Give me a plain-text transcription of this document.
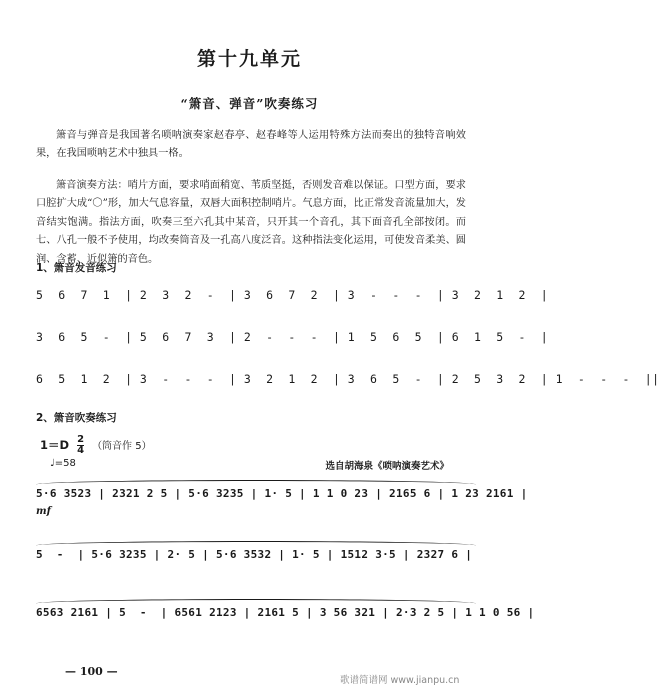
第十九单元
“箫音、弹音”吹奏练习

箫音与弹音是我国著名唢呐演奏家赵春亭、赵春峰等人运用特殊方法而奏出的独特音响效果，在我国唢呐艺术中独具一格。

箫音演奏方法：哨片方面，要求哨面稍宽、苇质坚挺，否则发音难以保证。口型方面，要求口腔扩大成“〇”形，加大气息容量，双唇大面积控制哨片。气息方面，比正常发音流量加大，发音结实饱满。指法方面，吹奏三至六孔其中某音，只开其一个音孔，其下面音孔全部按闭。而七、八孔一般不予使用，均改奏筒音及一孔高八度泛音。这种指法变化运用，可使发音柔美、圆润、含蓄、近似箫的音色。

1、箫音发音练习
5  6  7  1  | 2  3  2  -  | 3  6  7  2  | 3  -  -  -  | 3  2  1  2  |
3  6  5  -  | 5  6  7  3  | 2  -  -  -  | 1  5  6  5  | 6  1  5  -  |
6  5  1  2  | 3  -  -  -  | 3  2  1  2  | 3  6  5  -  | 2  5  3  2  | 1  -  -  -  ||
2、箫音吹奏练习
$1=D \frac{2}{4}$ （筒音作 5）
♩=58	选自胡海泉《唢呐演奏艺术》
5·6 3523 | 2321 2 5 | 5·6 3235 | 1· 5 | 1 1 0 23 | 2165 6 | 1 23 2161 |
mf
5  -  | 5·6 3235 | 2· 5 | 5·6 3532 | 1· 5 | 1512 3·5 | 2327 6 |
6563 2161 | 5  -  | 6561 2123 | 2161 5 | 3 56 321 | 2·3 2 5 | 1 1 0 56 |
— 100 —
歌谱简谱网 www.jianpu.cn
